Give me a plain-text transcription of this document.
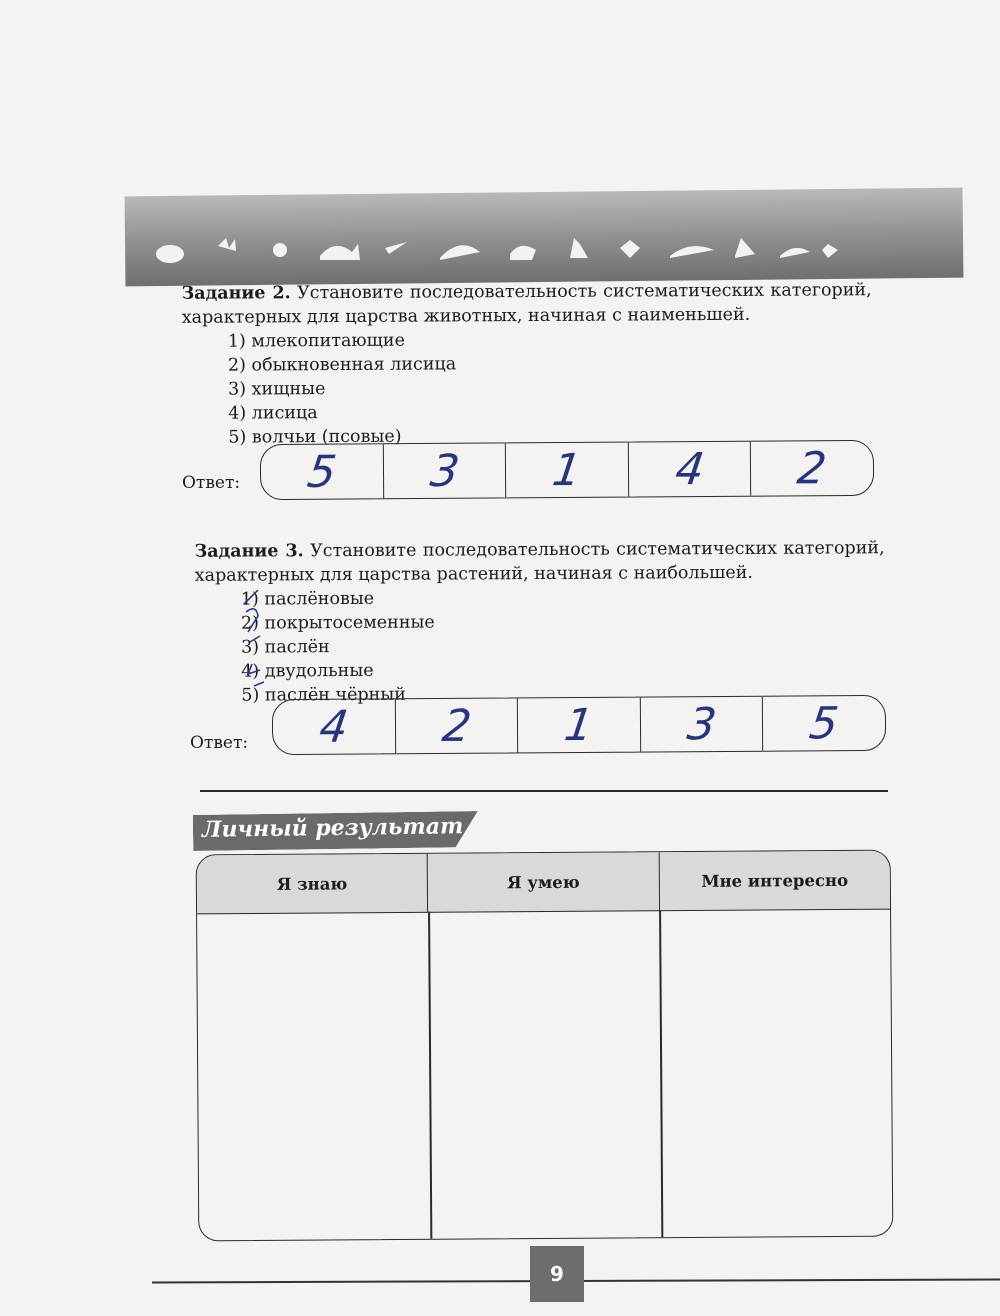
Задание 2. Установите последовательность систематических категорий, характерных для царства животных, начиная с наименьшей.

1) млекопитающие
2) обыкновенная лисица
3) хищные
4) лисица
5) волчьи (псовые)
Ответ:	5	3	1	4	2

Задание 3. Установите последовательность систематических категорий, характерных для царства растений, начиная с наибольшей.

1) паслёновые
2) покрытосеменные
3) паслён
4) двудольные
5) паслён чёрный
Ответ:	4	2	1	3	5
Личный результат
Я знаю	Я умею	Мне интересно
9
